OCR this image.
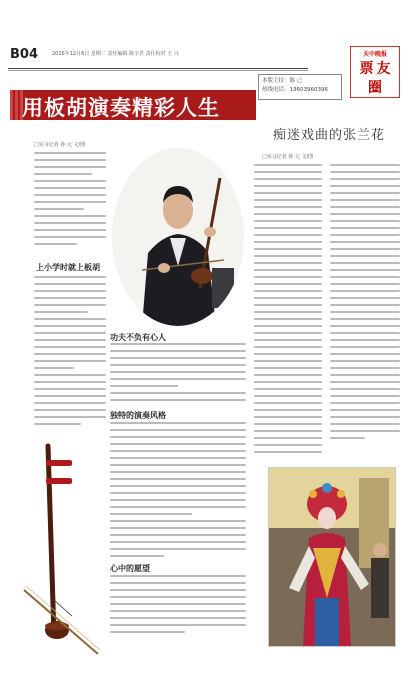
B04	2016年12月6日 星期二 责任编辑 陈宇君 责任校对 王 兴	天中晚报
票 友
圈
本版主持：陈 己
热线电话：13603960396
用板胡演奏精彩人生
痴迷戏曲的张兰花
□实习记者 孙 元 文/图
□实习记者 孙 元 文/图
上小学时就上板胡
功夫不负有心人
独特的演奏风格
心中的愿望
